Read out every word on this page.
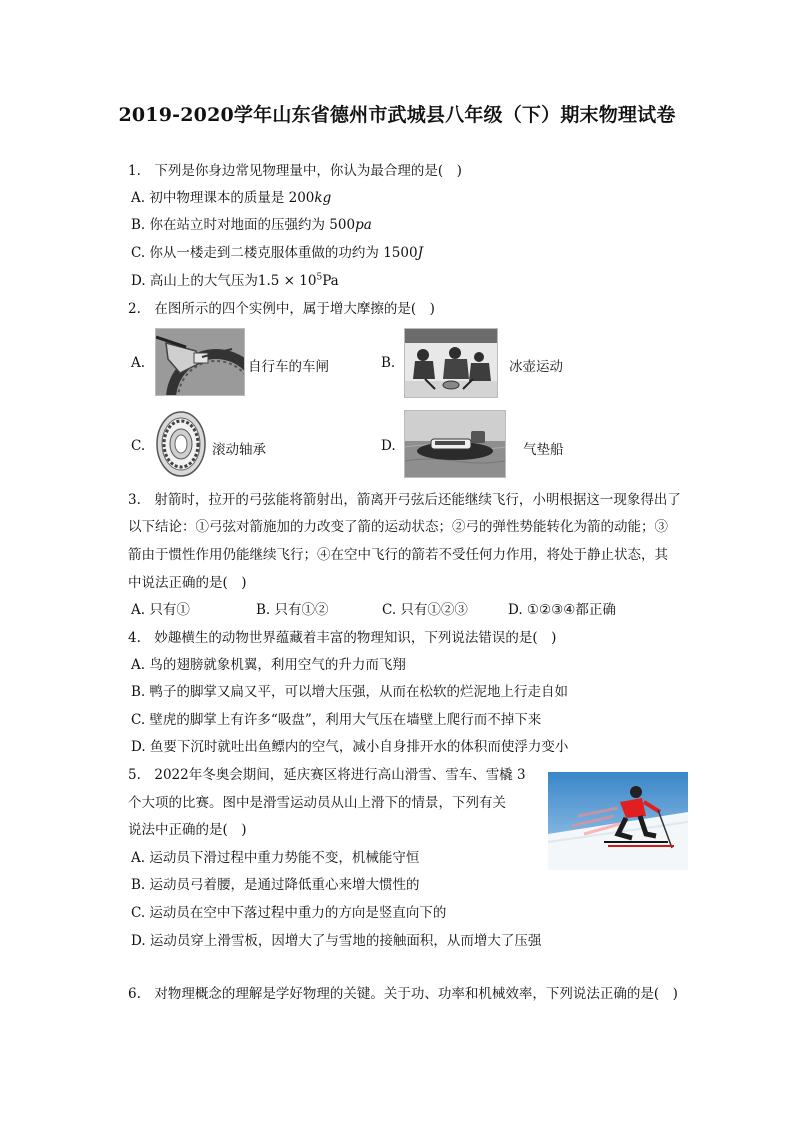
2019-2020学年山东省德州市武城县八年级（下）期末物理试卷
1.　下列是你身边常见物理量中，你认为最合理的是(　)
A. 初中物理课本的质量是 200kg
B. 你在站立时对地面的压强约为 500pa
C. 你从一楼走到二楼克服体重做的功约为 1500J
D. 高山上的大气压为$1.5 \times 10^5Pa$
2.　在图所示的四个实例中，属于增大摩擦的是(　)
A.	自行车的车闸	B.	冰壶运动
C.	滚动轴承	D.	气垫船
3.　射箭时，拉开的弓弦能将箭射出，箭离开弓弦后还能继续飞行，小明根据这一现象得出了
以下结论：①弓弦对箭施加的力改变了箭的运动状态；②弓的弹性势能转化为箭的动能；③
箭由于惯性作用仍能继续飞行；④在空中飞行的箭若不受任何力作用，将处于静止状态，其
中说法正确的是(　)
A. 只有①	B. 只有①②	C. 只有①②③	D. ①②③④都正确
4.　妙趣横生的动物世界蕴藏着丰富的物理知识，下列说法错误的是(　)
A. 鸟的翅膀就象机翼，利用空气的升力而飞翔
B. 鸭子的脚掌又扁又平，可以增大压强，从而在松软的烂泥地上行走自如
C. 壁虎的脚掌上有许多“吸盘”，利用大气压在墙壁上爬行而不掉下来
D. 鱼要下沉时就吐出鱼鳔内的空气，减小自身排开水的体积而使浮力变小
5.　2022年冬奥会期间，延庆赛区将进行高山滑雪、雪车、雪橇 3
个大项的比赛。图中是滑雪运动员从山上滑下的情景，下列有关
说法中正确的是(　)
A. 运动员下滑过程中重力势能不变，机械能守恒
B. 运动员弓着腰，是通过降低重心来增大惯性的
C. 运动员在空中下落过程中重力的方向是竖直向下的
D. 运动员穿上滑雪板，因增大了与雪地的接触面积，从而增大了压强
6.　对物理概念的理解是学好物理的关键。关于功、功率和机械效率，下列说法正确的是(　)
